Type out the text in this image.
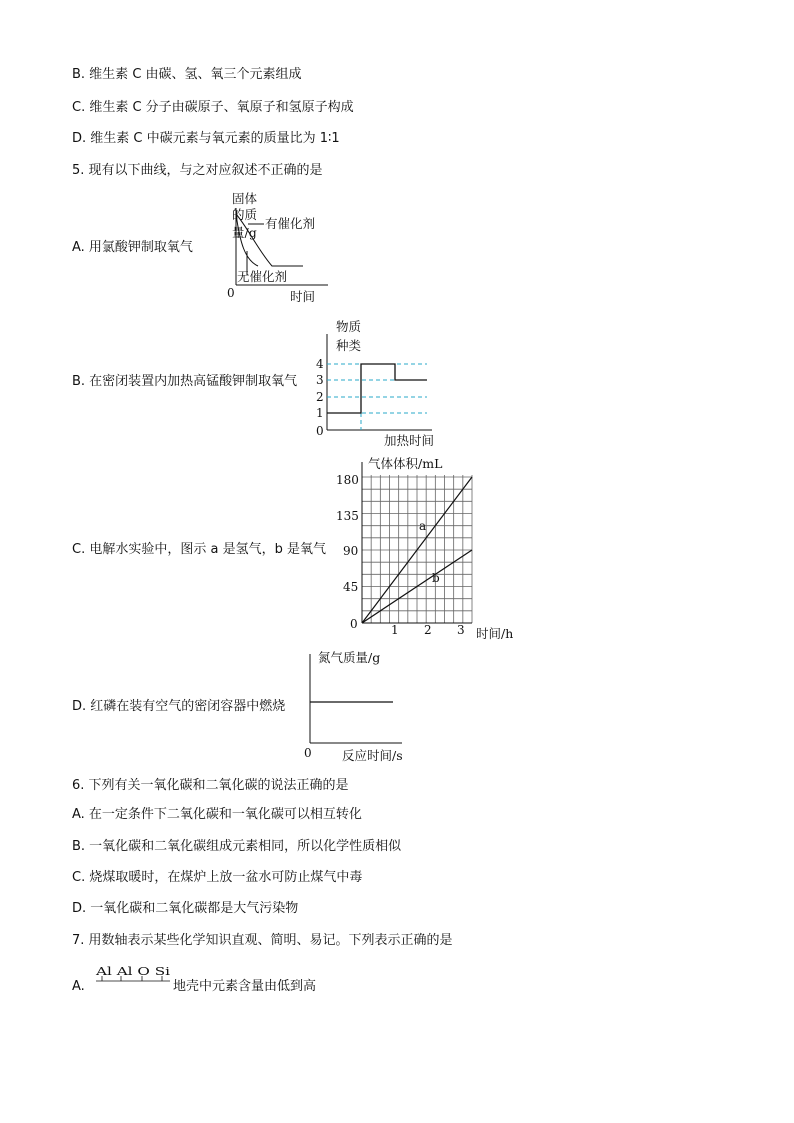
B. 维生素 C 由碳、氢、氧三个元素组成
C. 维生素 C 分子由碳原子、氧原子和氢原子构成
D. 维生素 C 中碳元素与氧元素的质量比为 1∶1
5. 现有以下曲线，与之对应叙述不正确的是
A. 用氯酸钾制取氧气
固体
的质
量/g
有催化剂
无催化剂
0	时间
B. 在密闭装置内加热高锰酸钾制取氧气
物质
种类
4
3
2
1
0
加热时间
C. 电解水实验中，图示 a 是氢气，b 是氧气
气体体积/mL
a
b
180
135
90
45
0	1 2 3 时间/h
D. 红磷在装有空气的密闭容器中燃烧
氮气质量/g
0 反应时间/s
6. 下列有关一氧化碳和二氧化碳的说法正确的是
A. 在一定条件下二氧化碳和一氧化碳可以相互转化
B. 一氧化碳和二氧化碳组成元素相同，所以化学性质相似
C. 烧煤取暖时，在煤炉上放一盆水可防止煤气中毒
D. 一氧化碳和二氧化碳都是大气污染物
7. 用数轴表示某些化学知识直观、简明、易记。下列表示正确的是
A.
Al Al O Si
地壳中元素含量由低到高
